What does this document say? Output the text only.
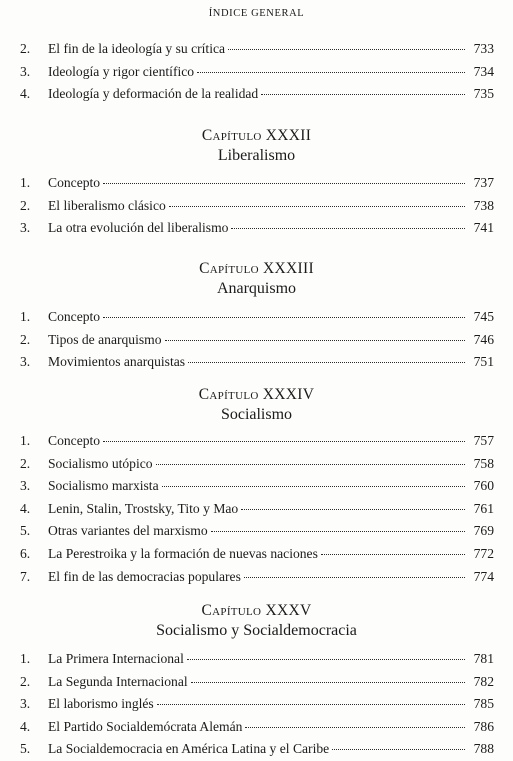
ÍNDICE GENERAL
2.	El fin de la ideología y su crítica	733
3.	Ideología y rigor científico	734
4.	Ideología y deformación de la realidad	735
Capítulo XXXII
Liberalismo
1.	Concepto	737
2.	El liberalismo clásico	738
3.	La otra evolución del liberalismo	741
Capítulo XXXIII
Anarquismo
1.	Concepto	745
2.	Tipos de anarquismo	746
3.	Movimientos anarquistas	751
Capítulo XXXIV
Socialismo
1.	Concepto	757
2.	Socialismo utópico	758
3.	Socialismo marxista	760
4.	Lenin, Stalin, Trostsky, Tito y Mao	761
5.	Otras variantes del marxismo	769
6.	La Perestroika y la formación de nuevas naciones	772
7.	El fin de las democracias populares	774
Capítulo XXXV
Socialismo y Socialdemocracia
1.	La Primera Internacional	781
2.	La Segunda Internacional	782
3.	El laborismo inglés	785
4.	El Partido Socialdemócrata Alemán	786
5.	La Socialdemocracia en América Latina y el Caribe	788
